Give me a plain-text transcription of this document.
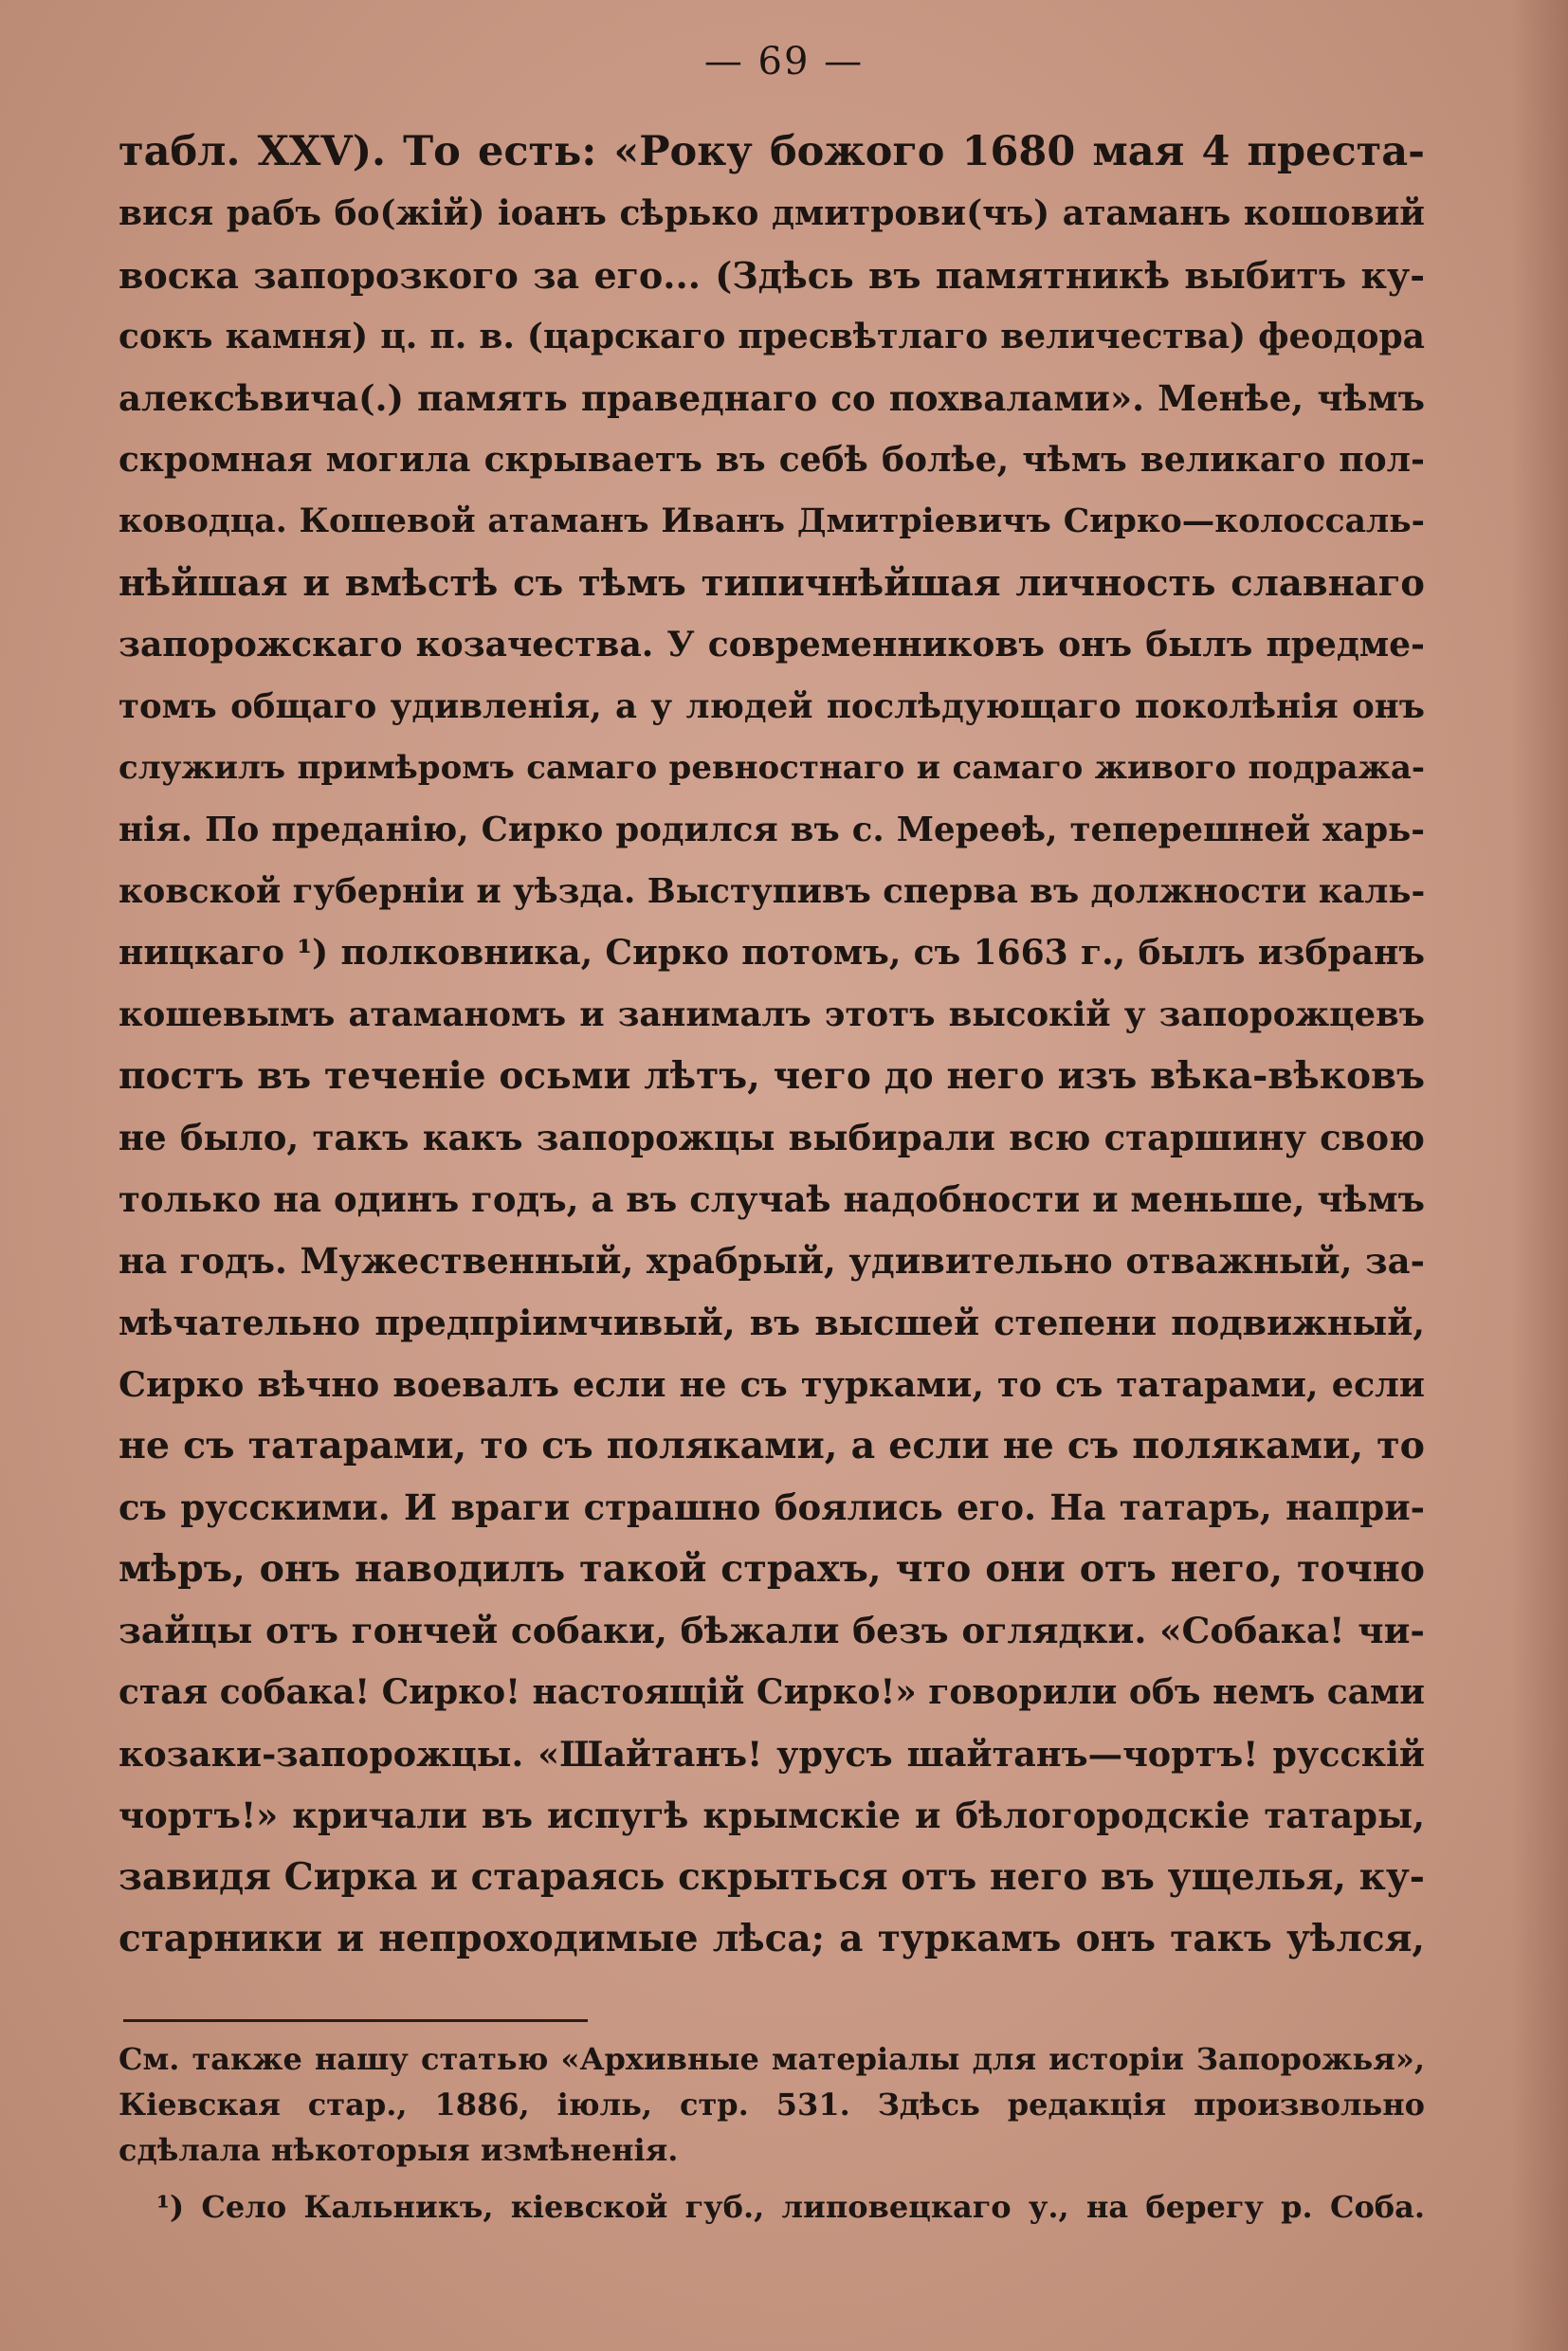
— 69 —
табл. XXV). То есть: «Року божого 1680 мая 4 преста-
вися рабъ бо(жій) іоанъ сѣрько дмитрови(чъ) атаманъ кошовий
воска запорозкого за его... (Здѣсь въ памятникѣ выбитъ ку-
сокъ камня) ц. п. в. (царскаго пресвѣтлаго величества) феодора
алексѣвича(.) память праведнаго со похвалами». Менѣе, чѣмъ
скромная могила скрываетъ въ себѣ болѣе, чѣмъ великаго пол-
ководца. Кошевой атаманъ Иванъ Дмитріевичъ Сирко—колоссаль-
нѣйшая и вмѣстѣ съ тѣмъ типичнѣйшая личность славнаго
запорожскаго козачества. У современниковъ онъ былъ предме-
томъ общаго удивленія, а у людей послѣдующаго поколѣнія онъ
служилъ примѣромъ самаго ревностнаго и самаго живого подража-
нія. По преданію, Сирко родился въ с. Мереѳѣ, теперешней харь-
ковской губерніи и уѣзда. Выступивъ сперва въ должности каль-
ницкаго ¹) полковника, Сирко потомъ, съ 1663 г., былъ избранъ
кошевымъ атаманомъ и занималъ этотъ высокій у запорожцевъ
постъ въ теченіе осьми лѣтъ, чего до него изъ вѣка-вѣковъ
не было, такъ какъ запорожцы выбирали всю старшину свою
только на одинъ годъ, а въ случаѣ надобности и меньше, чѣмъ
на годъ. Мужественный, храбрый, удивительно отважный, за-
мѣчательно предпріимчивый, въ высшей степени подвижный,
Сирко вѣчно воевалъ если не съ турками, то съ татарами, если
не съ татарами, то съ поляками, а если не съ поляками, то
съ русскими. И враги страшно боялись его. На татаръ, напри-
мѣръ, онъ наводилъ такой страхъ, что они отъ него, точно
зайцы отъ гончей собаки, бѣжали безъ оглядки. «Собака! чи-
стая собака! Сирко! настоящій Сирко!» говорили объ немъ сами
козаки-запорожцы. «Шайтанъ! урусъ шайтанъ—чортъ! русскій
чортъ!» кричали въ испугѣ крымскіе и бѣлогородскіе татары,
завидя Сирка и стараясь скрыться отъ него въ ущелья, ку-
старники и непроходимые лѣса; а туркамъ онъ такъ уѣлся,
См. также нашу статью «Архивные матеріалы для исторіи Запорожья»,
Кіевская стар., 1886, іюль, стр. 531. Здѣсь редакція произвольно
сдѣлала нѣкоторыя измѣненія.
¹) Село Кальникъ, кіевской губ., липовецкаго у., на берегу р. Соба.
